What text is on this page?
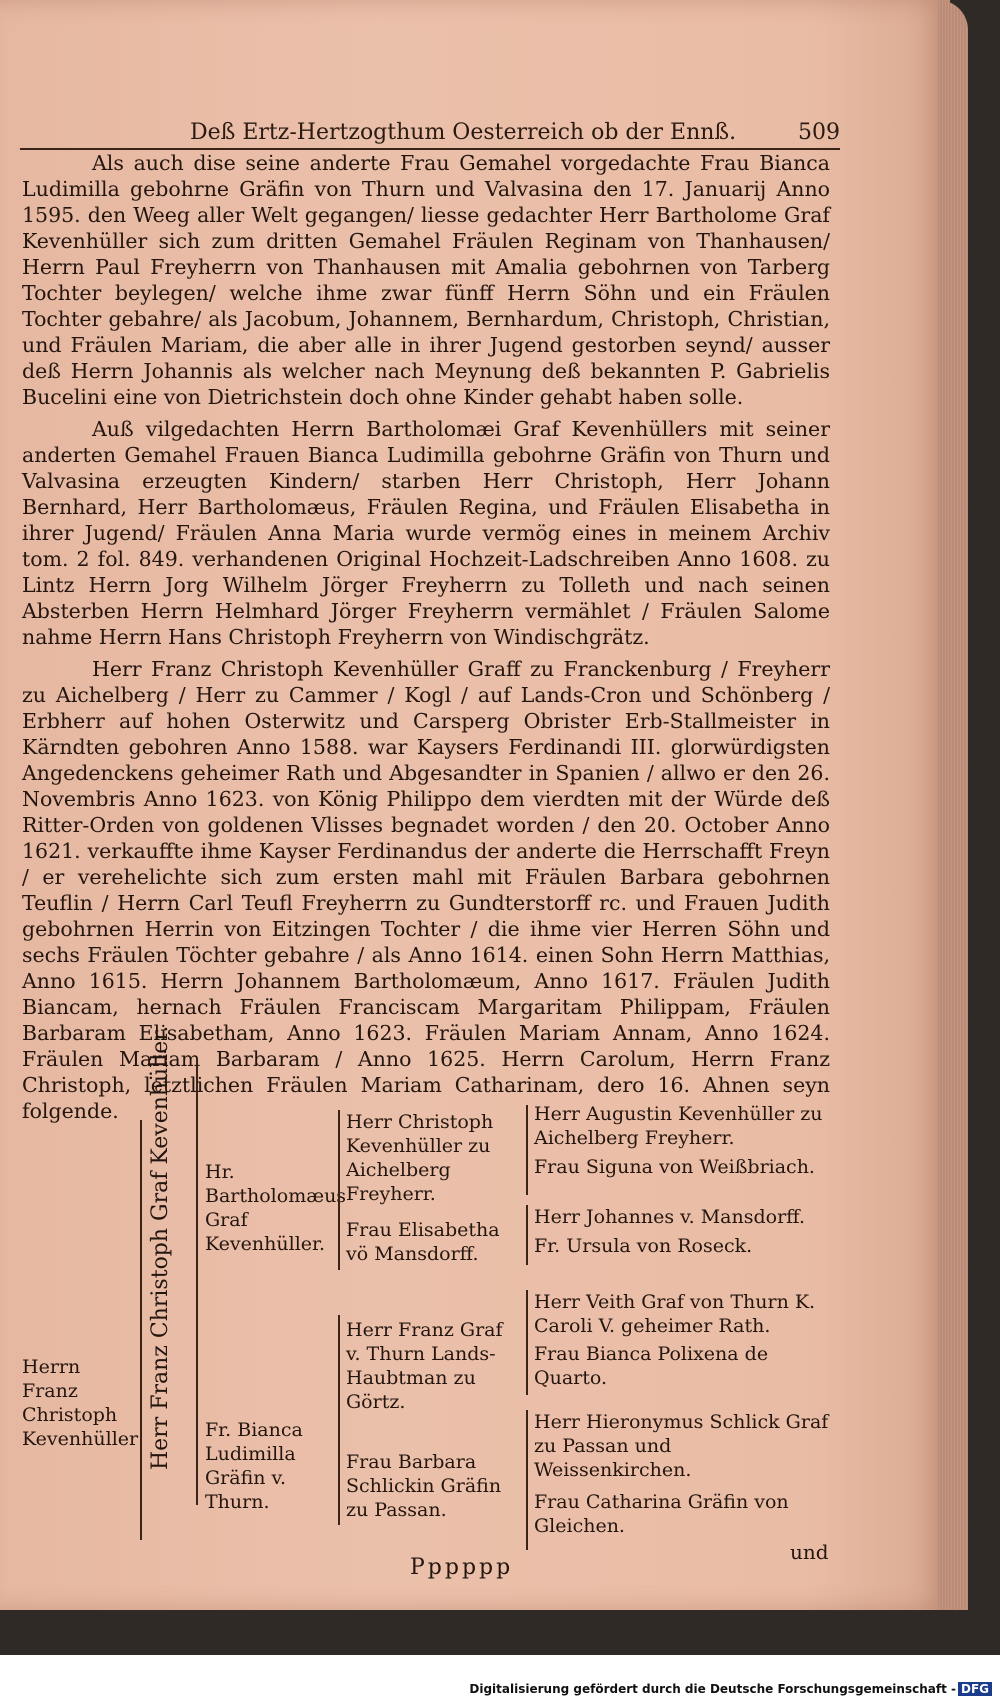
Deß Ertz-Hertzogthum Oesterreich ob der Ennß.	509

Als auch dise seine anderte Frau Gemahel vorgedachte Frau Bianca Ludimilla gebohrne Gräfin von Thurn und Valvasina den 17. Januarij Anno 1595. den Weeg aller Welt gegangen/ liesse gedachter Herr Bartholome Graf Kevenhüller sich zum dritten Gemahel Fräulen Reginam von Thanhausen/ Herrn Paul Freyherrn von Thanhausen mit Amalia gebohrnen von Tarberg Tochter beylegen/ welche ihme zwar fünff Herrn Söhn und ein Fräulen Tochter gebahre/ als Jacobum, Johannem, Bernhardum, Christoph, Christian, und Fräulen Mariam, die aber alle in ihrer Jugend gestorben seynd/ ausser deß Herrn Johannis als welcher nach Meynung deß bekannten P. Gabrielis Bucelini eine von Dietrichstein doch ohne Kinder gehabt haben solle.

Auß vilgedachten Herrn Bartholomæi Graf Kevenhüllers mit seiner anderten Gemahel Frauen Bianca Ludimilla gebohrne Gräfin von Thurn und Valvasina erzeugten Kindern/ starben Herr Christoph, Herr Johann Bernhard, Herr Bartholomæus, Fräulen Regina, und Fräulen Elisabetha in ihrer Jugend/ Fräulen Anna Maria wurde vermög eines in meinem Archiv tom. 2 fol. 849. verhandenen Original Hochzeit-Ladschreiben Anno 1608. zu Lintz Herrn Jorg Wilhelm Jörger Freyherrn zu Tolleth und nach seinen Absterben Herrn Helmhard Jörger Freyherrn vermählet / Fräulen Salome nahme Herrn Hans Christoph Freyherrn von Windischgrätz.

Herr Franz Christoph Kevenhüller Graff zu Franckenburg / Freyherr zu Aichelberg / Herr zu Cammer / Kogl / auf Lands-Cron und Schönberg / Erbherr auf hohen Osterwitz und Carsperg Obrister Erb-Stallmeister in Kärndten gebohren Anno 1588. war Kaysers Ferdinandi III. glorwürdigsten Angedenckens geheimer Rath und Abgesandter in Spanien / allwo er den 26. Novembris Anno 1623. von König Philippo dem vierdten mit der Würde deß Ritter-Orden von goldenen Vlisses begnadet worden / den 20. October Anno 1621. verkauffte ihme Kayser Ferdinandus der anderte die Herrschafft Freyn / er verehelichte sich zum ersten mahl mit Fräulen Barbara gebohrnen Teuflin / Herrn Carl Teufl Freyherrn zu Gundterstorff rc. und Frauen Judith gebohrnen Herrin von Eitzingen Tochter / die ihme vier Herren Söhn und sechs Fräulen Töchter gebahre / als Anno 1614. einen Sohn Herrn Matthias, Anno 1615. Herrn Johannem Bartholomæum, Anno 1617. Fräulen Judith Biancam, hernach Fräulen Franciscam Margaritam Philippam, Fräulen Barbaram Elisabetham, Anno 1623. Fräulen Mariam Annam, Anno 1624. Fräulen Mariam Barbaram / Anno 1625. Herrn Carolum, Herrn Franz Christoph, letztlichen Fräulen Mariam Catharinam, dero 16. Ahnen seyn folgende.

Herrn Franz Christoph Kevenhüller Herr Franz Christoph Graf Kevenhüller. Hr. Bartholomæus Graf Kevenhüller.
Fr. Bianca Ludimilla Gräfin v. Thurn.
Herr Christoph Kevenhüller zu Aichelberg Freyherr.
Frau Elisabetha vö Mansdorff.
Herr Franz Graf v. Thurn Lands-Haubtman zu Görtz.
Frau Barbara Schlickin Gräfin zu Passan.
Herr Augustin Kevenhüller zu Aichelberg Freyherr.
Frau Siguna von Weißbriach.
Herr Johannes v. Mansdorff.
Fr. Ursula von Roseck.
Herr Veith Graf von Thurn K. Caroli V. geheimer Rath.
Frau Bianca Polixena de Quarto.
Herr Hieronymus Schlick Graf zu Passan und Weissenkirchen.
Frau Catharina Gräfin von Gleichen.
Pppppp
und
Digitalisierung gefördert durch die Deutsche Forschungsgemeinschaft - DFG
